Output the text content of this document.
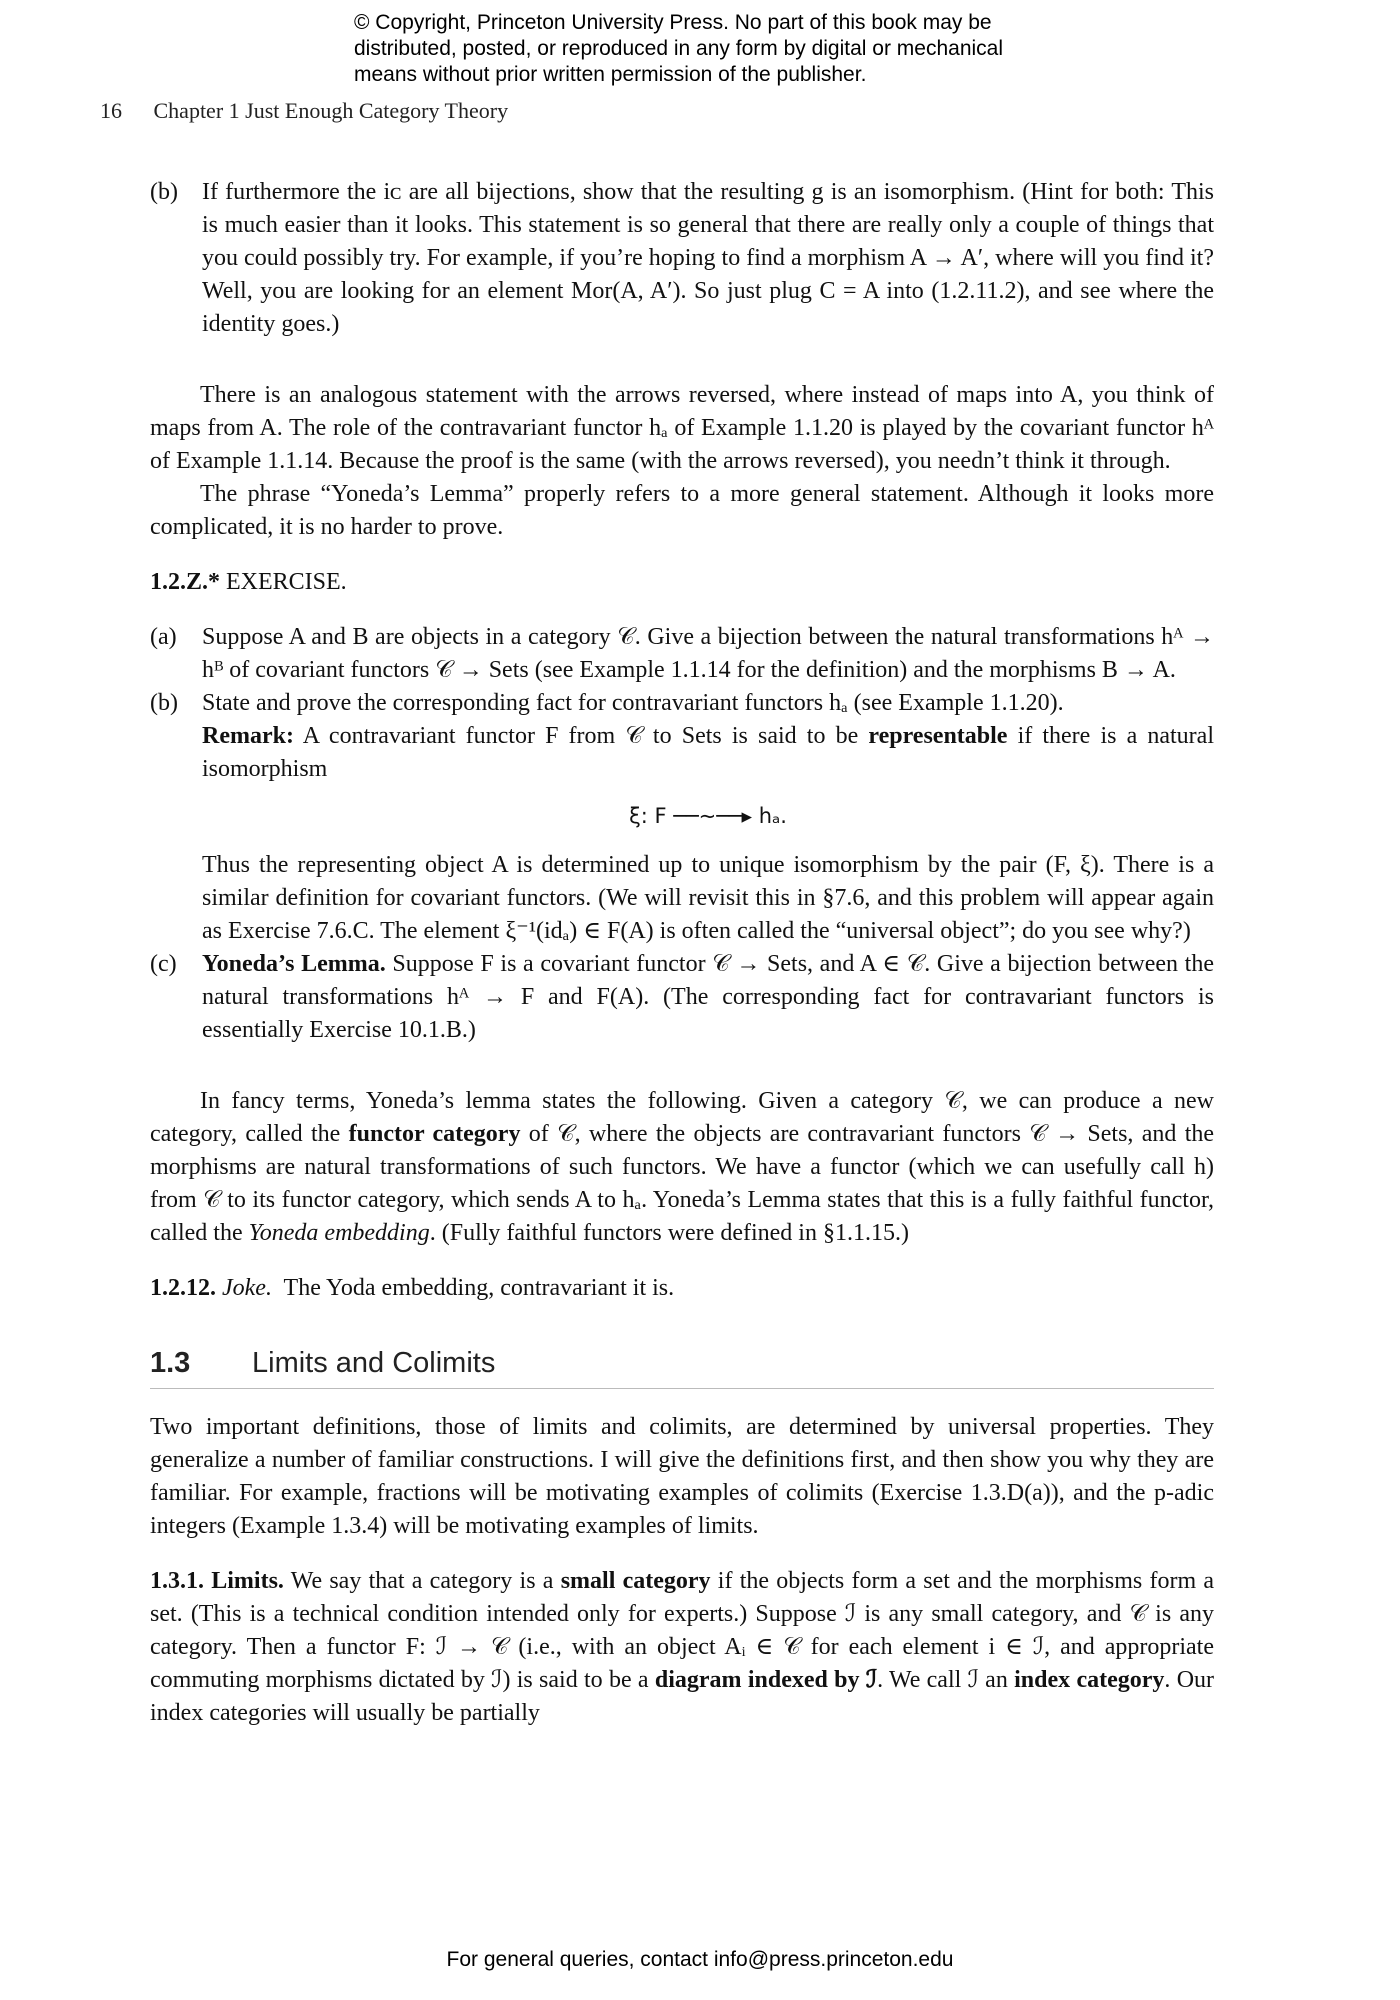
© Copyright, Princeton University Press. No part of this book may be
distributed, posted, or reproduced in any form by digital or mechanical
means without prior written permission of the publisher.
16 Chapter 1 Just Enough Category Theory
(b) If furthermore the iᴄ are all bijections, show that the resulting g is an isomorphism. (Hint for both: This is much easier than it looks. This statement is so general that there are really only a couple of things that you could possibly try. For example, if you’re hoping to find a morphism A → A′, where will you find it? Well, you are looking for an element Mor(A, A′). So just plug C = A into (1.2.11.2), and see where the identity goes.)

There is an analogous statement with the arrows reversed, where instead of maps into A, you think of maps from A. The role of the contravariant functor hₐ of Example 1.1.20 is played by the covariant functor hᴬ of Example 1.1.14. Because the proof is the same (with the arrows reversed), you needn’t think it through.

The phrase “Yoneda’s Lemma” properly refers to a more general statement. Although it looks more complicated, it is no harder to prove.

1.2.Z.* EXERCISE.

(a) Suppose A and B are objects in a category 𝒞. Give a bijection between the natural transformations hᴬ → hᴮ of covariant functors 𝒞 → Sets (see Example 1.1.14 for the definition) and the morphisms B → A.

(b) State and prove the corresponding fact for contravariant functors hₐ (see Example 1.1.20).

Remark: A contravariant functor F from 𝒞 to Sets is said to be representable if there is a natural isomorphism

ξ: F ──∼──▸ hₐ.

Thus the representing object A is determined up to unique isomorphism by the pair (F, ξ). There is a similar definition for covariant functors. (We will revisit this in §7.6, and this problem will appear again as Exercise 7.6.C. The element ξ⁻¹(idₐ) ∈ F(A) is often called the “universal object”; do you see why?)

(c) Yoneda’s Lemma. Suppose F is a covariant functor 𝒞 → Sets, and A ∈ 𝒞. Give a bijection between the natural transformations hᴬ → F and F(A). (The corresponding fact for contravariant functors is essentially Exercise 10.1.B.)

In fancy terms, Yoneda’s lemma states the following. Given a category 𝒞, we can produce a new category, called the functor category of 𝒞, where the objects are contravariant functors 𝒞 → Sets, and the morphisms are natural transformations of such functors. We have a functor (which we can usefully call h) from 𝒞 to its functor category, which sends A to hₐ. Yoneda’s Lemma states that this is a fully faithful functor, called the Yoneda embedding. (Fully faithful functors were defined in §1.1.15.)

1.2.12. Joke. The Yoda embedding, contravariant it is.

1.3	Limits and Colimits

Two important definitions, those of limits and colimits, are determined by universal properties. They generalize a number of familiar constructions. I will give the definitions first, and then show you why they are familiar. For example, fractions will be motivating examples of colimits (Exercise 1.3.D(a)), and the p-adic integers (Example 1.3.4) will be motivating examples of limits.

1.3.1. Limits. We say that a category is a small category if the objects form a set and the morphisms form a set. (This is a technical condition intended only for experts.) Suppose ℐ is any small category, and 𝒞 is any category. Then a functor F: ℐ → 𝒞 (i.e., with an object Aᵢ ∈ 𝒞 for each element i ∈ ℐ, and appropriate commuting morphisms dictated by ℐ) is said to be a diagram indexed by ℐ. We call ℐ an index category. Our index categories will usually be partially

For general queries, contact info@press.princeton.edu
